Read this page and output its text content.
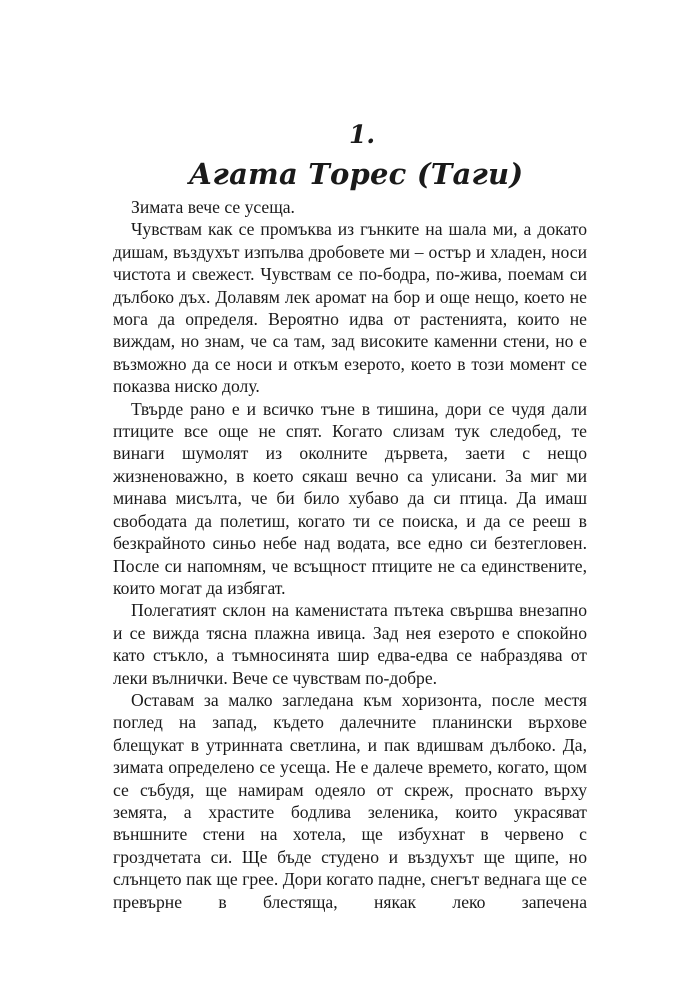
1.
Агата Торес (Таги)

Зимата вече се усеща.

Чувствам как се промъква из гънките на шала ми, а докато дишам, въздухът изпълва дробовете ми – остър и хладен, носи чистота и свежест. Чувствам се по-бодра, по-жива, поемам си дълбоко дъх. Долавям лек аромат на бор и още нещо, което не мога да определя. Вероятно идва от растенията, които не виждам, но знам, че са там, зад високите каменни стени, но е възможно да се носи и откъм езерото, което в този момент се показва ниско долу.

Твърде рано е и всичко тъне в тишина, дори се чудя дали птиците все още не спят. Когато слизам тук следобед, те винаги шумолят из околните дървета, заети с нещо жизненоважно, в което сякаш вечно са улисани. За миг ми минава мисълта, че би било хубаво да си птица. Да имаш свободата да полетиш, когато ти се поиска, и да се рееш в безкрайното синьо небе над водата, все едно си безтегловен. После си напомням, че всъщност птиците не са единствените, които могат да избягат.

Полегатият склон на каменистата пътека свършва внезапно и се вижда тясна плажна ивица. Зад нея езерото е спокойно като стъкло, а тъмносинята шир едва-едва се набраздява от леки вълнички. Вече се чувствам по-добре.

Оставам за малко загледана към хоризонта, после местя поглед на запад, където далечните планински върхове блещукат в утринната светлина, и пак вдишвам дълбоко. Да, зимата определено се усеща. Не е далече времето, когато, щом се събудя, ще намирам одеяло от скреж, проснато върху земята, а храстите бодлива зеленика, които украсяват външните стени на хотела, ще избухнат в червено с гроздчетата си. Ще бъде студено и въздухът ще щипе, но слънцето пак ще грее. Дори когато падне, снегът веднага ще се превърне в блестяща, някак леко запечена
